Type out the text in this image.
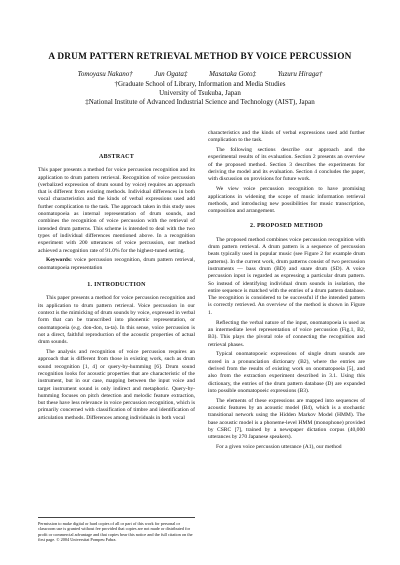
A DRUM PATTERN RETRIEVAL METHOD BY VOICE PERCUSSION
Tomoyasu Nakano†	Jun Ogata‡	Masataka Goto‡	Yuzuru Hiraga†
†Graduate School of Library, Information and Media Studies
University of Tsukuba, Japan
‡National Institute of Advanced Industrial Science and Technology (AIST), Japan
ABSTRACT

This paper presents a method for voice percussion recognition and its application to drum pattern retrieval. Recognition of voice percussion (verbalized expression of drum sound by voice) requires an approach that is different from existing methods. Individual differences in both vocal characteristics and the kinds of verbal expressions used add further complication to the task. The approach taken in this study uses onomatopoeia as internal representation of drum sounds, and combines the recognition of voice percussion with the retrieval of intended drum patterns. This scheme is intended to deal with the two types of individual differences mentioned above. In a recognition experiment with 200 utterances of voice percussion, our method achieved a recognition rate of 91.0% for the highest-tuned setting.

Keywords: voice percussion recognition, drum pattern retrieval, onomatopoeia representation

1. INTRODUCTION

This paper presents a method for voice percussion recognition and its application to drum pattern retrieval. Voice percussion in our context is the mimicking of drum sounds by voice, expressed in verbal form that can be transcribed into phonemic representation, or onomatopoeia (e.g. don-don, ta-ta). In this sense, voice percussion is not a direct, faithful reproduction of the acoustic properties of actual drum sounds.

The analysis and recognition of voice percussion requires an approach that is different from those in existing work, such as drum sound recognition [1, 4] or query-by-humming [6]. Drum sound recognition looks for acoustic properties that are characteristic of the instrument, but in our case, mapping between the input voice and target instrument sound is only indirect and metaphoric. Query-by-humming focuses on pitch detection and melodic feature extraction, but these have less relevance in voice percussion recognition, which is primarily concerned with classification of timbre and identification of articulation methods. Differences among individuals in both vocal

characteristics and the kinds of verbal expressions used add further complication to the task.

The following sections describe our approach and the experimental results of its evaluation. Section 2 presents an overview of the proposed method. Section 3 describes the experiments for deriving the model and its evaluation. Section 4 concludes the paper, with discussion on provisions for future work.

We view voice percussion recognition to have promising applications in widening the scope of music information retrieval methods, and introducing new possibilities for music transcription, composition and arrangement.

2. PROPOSED METHOD

The proposed method combines voice percussion recognition with drum pattern retrieval. A drum pattern is a sequence of percussion beats typically used in popular music (see Figure 2 for example drum patterns). In the current work, drum patterns consist of two percussion instruments — bass drum (BD) and snare drum (SD). A voice percussion input is regarded as expressing a particular drum pattern. So instead of identifying individual drum sounds in isolation, the entire sequence is matched with the entries of a drum pattern database. The recognition is considered to be successful if the intended pattern is correctly retrieved. An overview of the method is shown in Figure 1.

Reflecting the verbal nature of the input, onomatopoeia is used as an intermediate level representation of voice percussion (Fig.1, B2, B3). This plays the pivotal role of connecting the recognition and retrieval phases.

Typical onomatopoeic expressions of single drum sounds are stored in a pronunciation dictionary (B2), where the entries are derived from the results of existing work on onomatopoeia [5], and also from the extraction experiment described in 3.1. Using this dictionary, the entries of the drum pattern database (D) are expanded into possible onomatopoeic expressions (B3).

The elements of these expressions are mapped into sequences of acoustic features by an acoustic model (B4), which is a stochastic transitional network using the Hidden Markov Model (HMM). The base acoustic model is a phoneme-level HMM (monophone) provided by CSRC [7], trained by a newspaper dictation corpus (40,000 utterances by 270 Japanese speakers).

For a given voice percussion utterance (A1), our method

Permission to make digital or hard copies of all or part of this work for personal or classroom use is granted without fee provided that copies are not made or distributed for profit or commercial advantage and that copies bear this notice and the full citation on the first page. © 2004 Universitat Pompeu Fabra.
